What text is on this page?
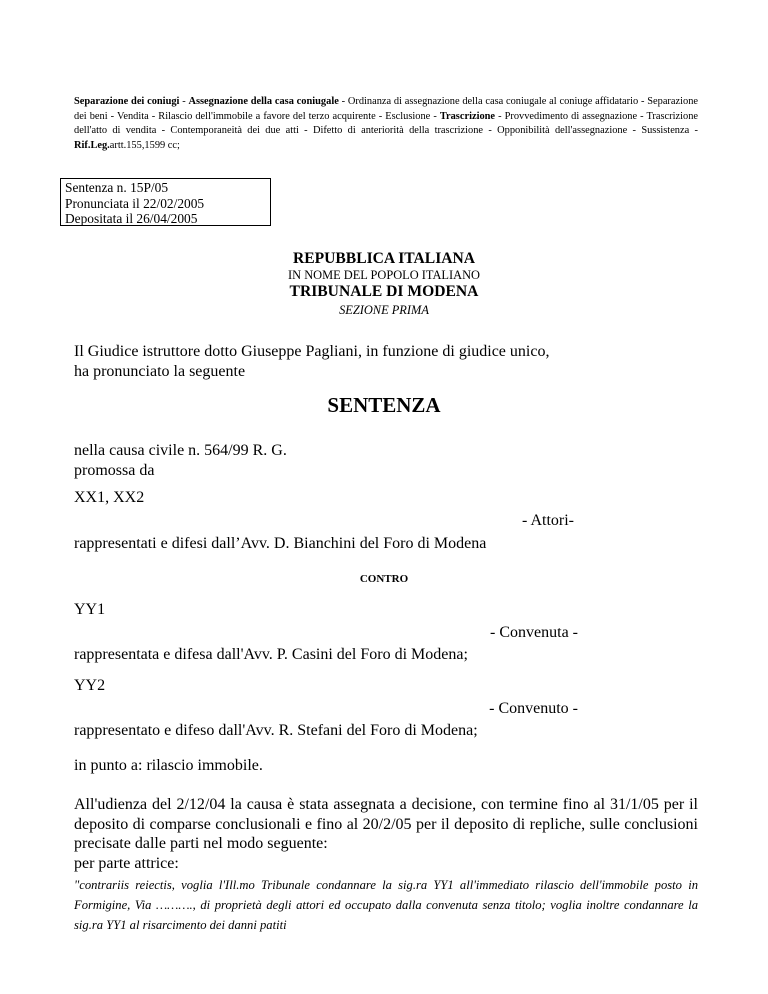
Separazione dei coniugi - Assegnazione della casa coniugale - Ordinanza di assegnazione della casa coniugale al coniuge affidatario - Separazione dei beni - Vendita - Rilascio dell'immobile a favore del terzo acquirente - Esclusione - Trascrizione - Provvedimento di assegnazione - Trascrizione dell'atto di vendita - Contemporaneità dei due atti - Difetto di anteriorità della trascrizione - Opponibilità dell'assegnazione - Sussistenza - Rif.Leg.artt.155,1599 cc;
Sentenza n. 15P/05
Pronunciata il 22/02/2005
Depositata il 26/04/2005
REPUBBLICA ITALIANA
IN NOME DEL POPOLO ITALIANO
TRIBUNALE DI MODENA
SEZIONE PRIMA
Il Giudice istruttore dotto Giuseppe Pagliani, in funzione di giudice unico,
ha pronunciato la seguente
SENTENZA
nella causa civile n. 564/99 R. G.
promossa da
XX1, XX2
- Attori-
rappresentati e difesi dall’Avv. D. Bianchini del Foro di Modena
CONTRO
YY1
- Convenuta -
rappresentata e difesa dall'Avv. P. Casini del Foro di Modena;
YY2
- Convenuto -
rappresentato e difeso dall'Avv. R. Stefani del Foro di Modena;
in punto a: rilascio immobile.
All'udienza del 2/12/04 la causa è stata assegnata a decisione, con termine fino al 31/1/05 per il deposito di comparse conclusionali e fino al 20/2/05 per il deposito di repliche, sulle conclusioni precisate dalle parti nel modo seguente:
per parte attrice:
"contrariis reiectis, voglia l'Ill.mo Tribunale condannare la sig.ra YY1 all'immediato rilascio dell'immobile posto in Formigine, Via ………., di proprietà degli attori ed occupato dalla convenuta senza titolo; voglia inoltre condannare la sig.ra YY1 al risarcimento dei danni patiti
